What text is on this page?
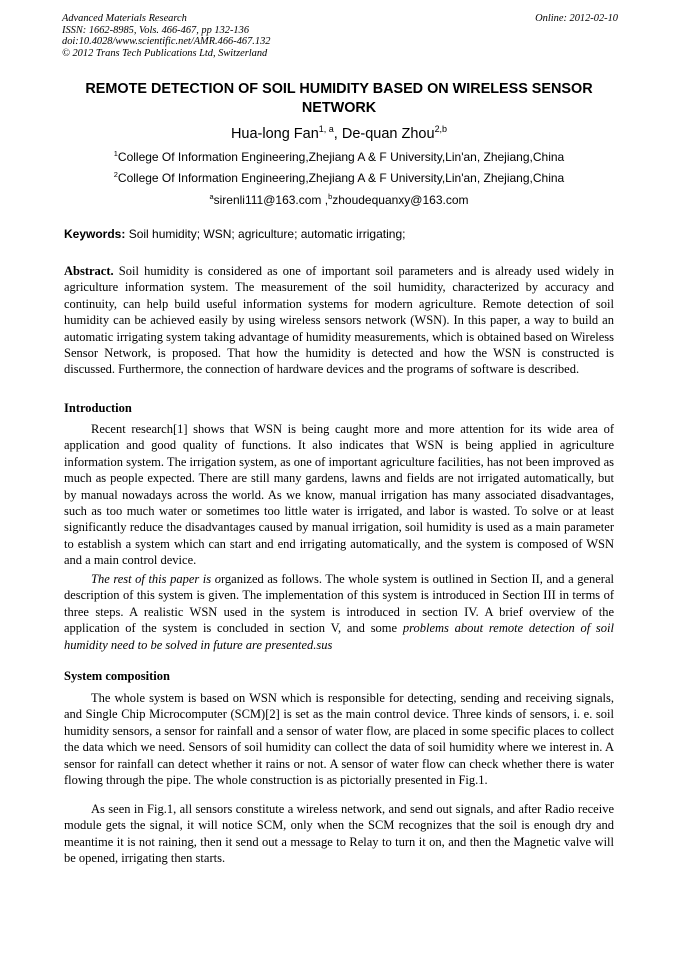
Advanced Materials Research
ISSN: 1662-8985, Vols. 466-467, pp 132-136
doi:10.4028/www.scientific.net/AMR.466-467.132
© 2012 Trans Tech Publications Ltd, Switzerland
Online: 2012-02-10
REMOTE DETECTION OF SOIL HUMIDITY BASED ON WIRELESS SENSOR NETWORK
Hua-long Fan$^{1, a}$, De-quan Zhou$^{2,b}$
$^1$College Of Information Engineering,Zhejiang A & F University,Lin'an, Zhejiang,China
$^2$College Of Information Engineering,Zhejiang A & F University,Lin'an, Zhejiang,China
$^a$sirenli111@163.com ,$^b$zhoudequanxy@163.com
Keywords: Soil humidity; WSN; agriculture; automatic irrigating;
Abstract. Soil humidity is considered as one of important soil parameters and is already used widely in agriculture information system. The measurement of the soil humidity, characterized by accuracy and continuity, can help build useful information systems for modern agriculture. Remote detection of soil humidity can be achieved easily by using wireless sensors network (WSN). In this paper, a way to build an automatic irrigating system taking advantage of humidity measurements, which is obtained based on Wireless Sensor Network, is proposed. That how the humidity is detected and how the WSN is constructed is discussed. Furthermore, the connection of hardware devices and the programs of software is described.
Introduction
Recent research[1] shows that WSN is being caught more and more attention for its wide area of application and good quality of functions. It also indicates that WSN is being applied in agriculture information system. The irrigation system, as one of important agriculture facilities, has not been improved as much as people expected. There are still many gardens, lawns and fields are not irrigated automatically, but by manual nowadays across the world. As we know, manual irrigation has many associated disadvantages, such as too much water or sometimes too little water is irrigated, and labor is wasted. To solve or at least significantly reduce the disadvantages caused by manual irrigation, soil humidity is used as a main parameter to establish a system which can start and end irrigating automatically, and the system is composed of WSN and a main control device.
The rest of this paper is organized as follows. The whole system is outlined in Section II, and a general description of this system is given. The implementation of this system is introduced in Section III in terms of three steps. A realistic WSN used in the system is introduced in section IV. A brief overview of the application of the system is concluded in section V, and some problems about remote detection of soil humidity need to be solved in future are presented.sus
System composition
The whole system is based on WSN which is responsible for detecting, sending and receiving signals, and Single Chip Microcomputer (SCM)[2] is set as the main control device. Three kinds of sensors, i. e. soil humidity sensors, a sensor for rainfall and a sensor of water flow, are placed in some specific places to collect the data which we need. Sensors of soil humidity can collect the data of soil humidity where we interest in. A sensor for rainfall can detect whether it rains or not. A sensor of water flow can check whether there is water flowing through the pipe. The whole construction is as pictorially presented in Fig.1.
As seen in Fig.1, all sensors constitute a wireless network, and send out signals, and after Radio receive module gets the signal, it will notice SCM, only when the SCM recognizes that the soil is enough dry and meantime it is not raining, then it send out a message to Relay to turn it on, and then the Magnetic valve will be opened, irrigating then starts.
